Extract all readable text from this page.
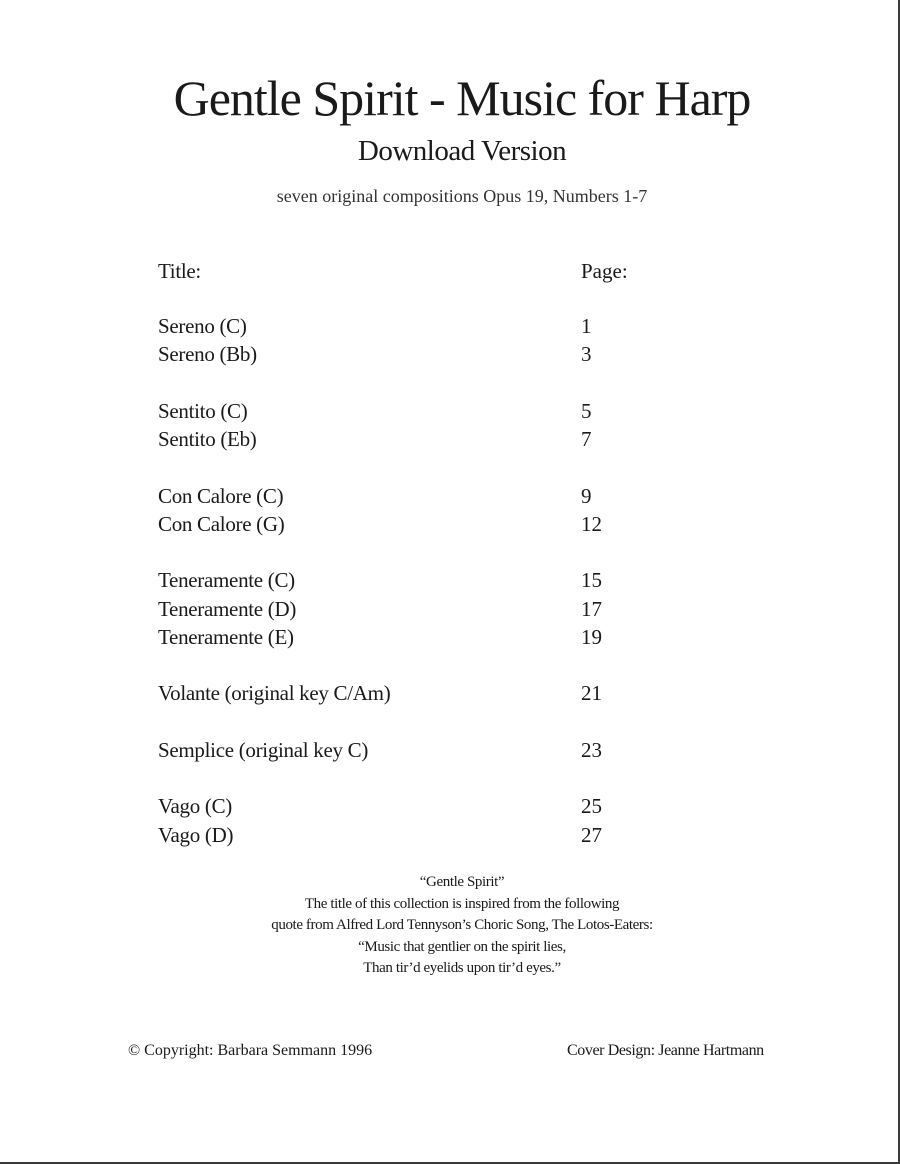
Gentle Spirit - Music for Harp
Download Version
seven original compositions Opus 19, Numbers 1-7
Title:	Page:
Sereno (C)	1
Sereno (Bb)	3
Sentito (C)	5
Sentito (Eb)	7
Con Calore (C)	9
Con Calore (G)	12
Teneramente (C)	15
Teneramente (D)	17
Teneramente (E)	19
Volante (original key C/Am)	21
Semplice (original key C)	23
Vago (C)	25
Vago (D)	27
“Gentle Spirit”
The title of this collection is inspired from the following
quote from Alfred Lord Tennyson’s Choric Song, The Lotos-Eaters:
“Music that gentlier on the spirit lies,
Than tir’d eyelids upon tir’d eyes.”
© Copyright: Barbara Semmann 1996	Cover Design: Jeanne Hartmann
